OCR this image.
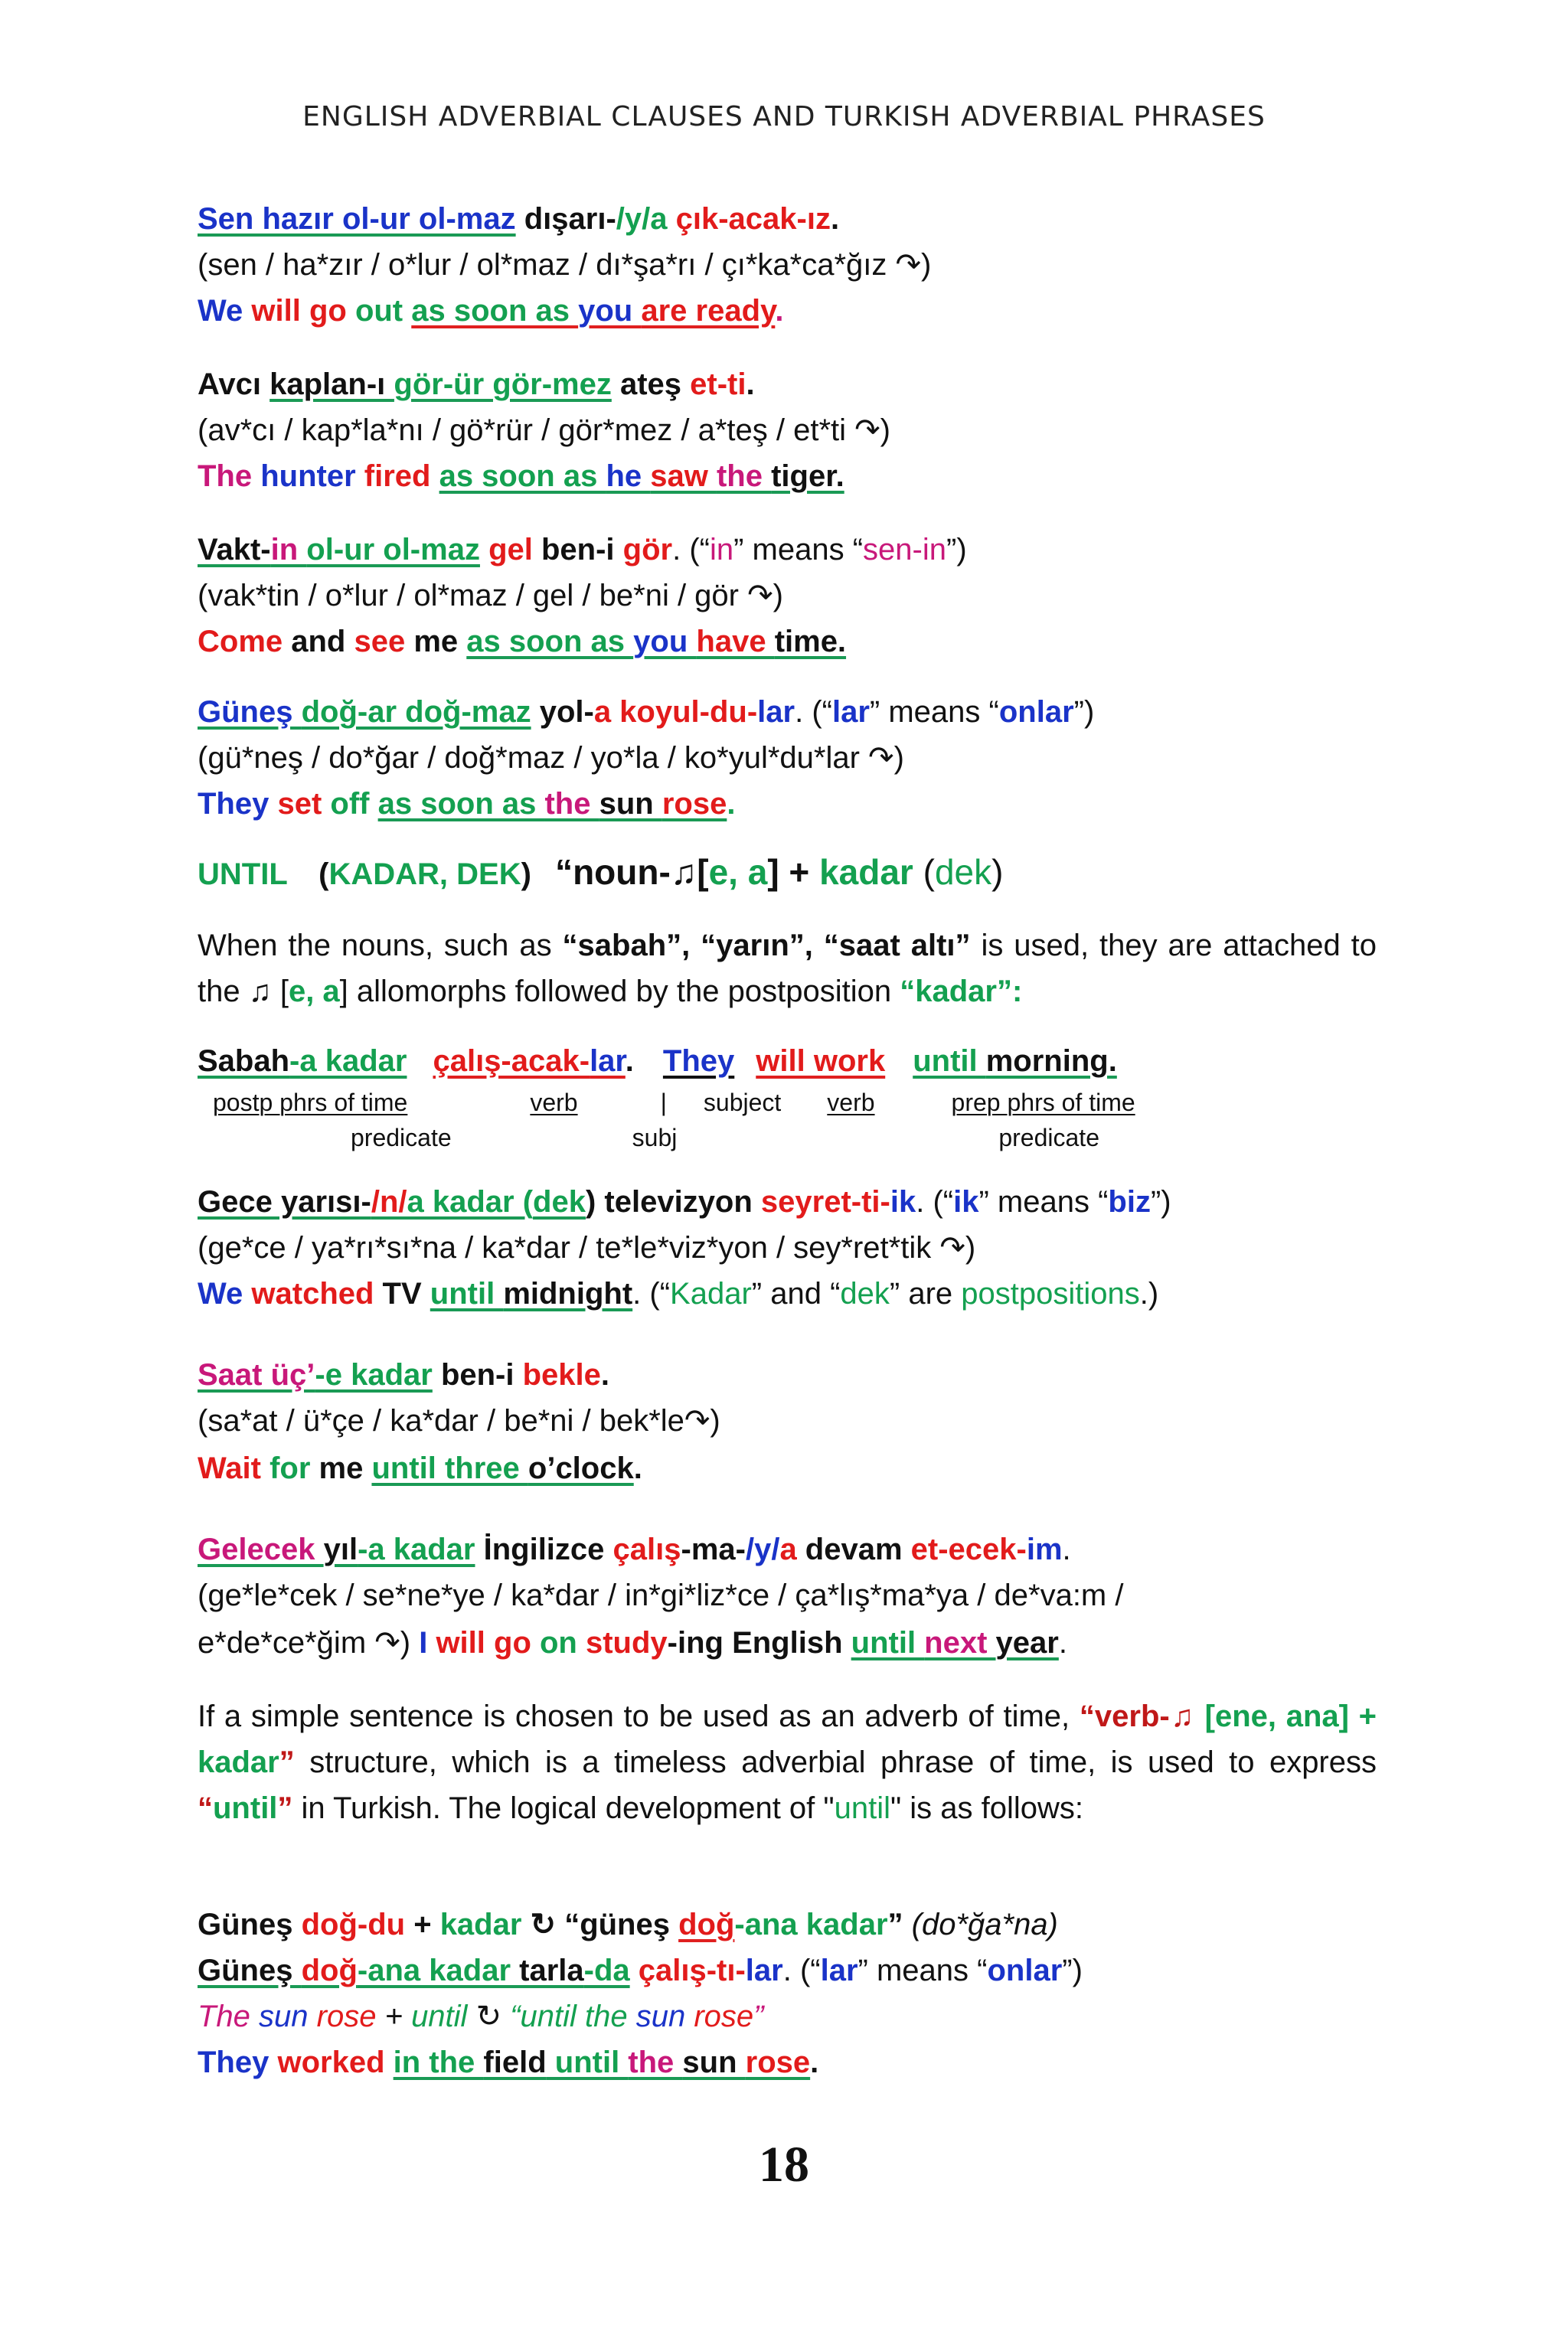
ENGLISH ADVERBIAL CLAUSES AND TURKISH ADVERBIAL PHRASES
Sen hazır ol-ur ol-maz dışarı-/y/a çık-acak-ız.
(sen / ha*zır / o*lur / ol*maz / dı*şa*rı / çı*ka*ca*ğız ↷)
We will go out as soon as you are ready.
Avcı kaplan-ı gör-ür gör-mez ateş et-ti.
(av*cı / kap*la*nı / gö*rür / gör*mez / a*teş / et*ti ↷)
The hunter fired as soon as he saw the tiger.
Vakt-in ol-ur ol-maz gel ben-i gör. (“in” means “sen-in”)
(vak*tin / o*lur / ol*maz / gel / be*ni / gör ↷)
Come and see me as soon as you have time.
Güneş doğ-ar doğ-maz yol-a koyul-du-lar. (“lar” means “onlar”)
(gü*neş / do*ğar / doğ*maz / yo*la / ko*yul*du*lar ↷)
They set off as soon as the sun rose.
UNTIL (KADAR, DEK) “noun-♫[e, a] + kadar (dek)
When the nouns, such as “sabah”, “yarın”, “saat altı” is used, they are attached to the ♫ [e, a] allomorphs followed by the postposition “kadar”:
Sabah-a kadar çalış-acak-lar. They will work until morning.
postp phrs of time	verb	| subject verb	prep phrs of time
predicate	subj	predicate
Gece yarısı-/n/a kadar (dek) televizyon seyret-ti-ik. (“ik” means “biz”)
(ge*ce / ya*rı*sı*na / ka*dar / te*le*viz*yon / sey*ret*tik ↷)
We watched TV until midnight. (“Kadar” and “dek” are postpositions.)
Saat üç’-e kadar ben-i bekle.
(sa*at / ü*çe / ka*dar / be*ni / bek*le↷)
Wait for me until three o’clock.
Gelecek yıl-a kadar İngilizce çalış-ma-/y/a devam et-ecek-im.
(ge*le*cek / se*ne*ye / ka*dar / in*gi*liz*ce / ça*lış*ma*ya / de*va:m /
e*de*ce*ğim ↷) I will go on study-ing English until next year.
If a simple sentence is chosen to be used as an adverb of time, “verb-♫ [ene, ana] + kadar” structure, which is a timeless adverbial phrase of time, is used to express “until” in Turkish. The logical development of "until" is as follows:
Güneş doğ-du + kadar ↻ “güneş doğ-ana kadar” (do*ğa*na)
Güneş doğ-ana kadar tarla-da çalış-tı-lar. (“lar” means “onlar”)
The sun rose + until ↻ “until the sun rose”
They worked in the field until the sun rose.
18
